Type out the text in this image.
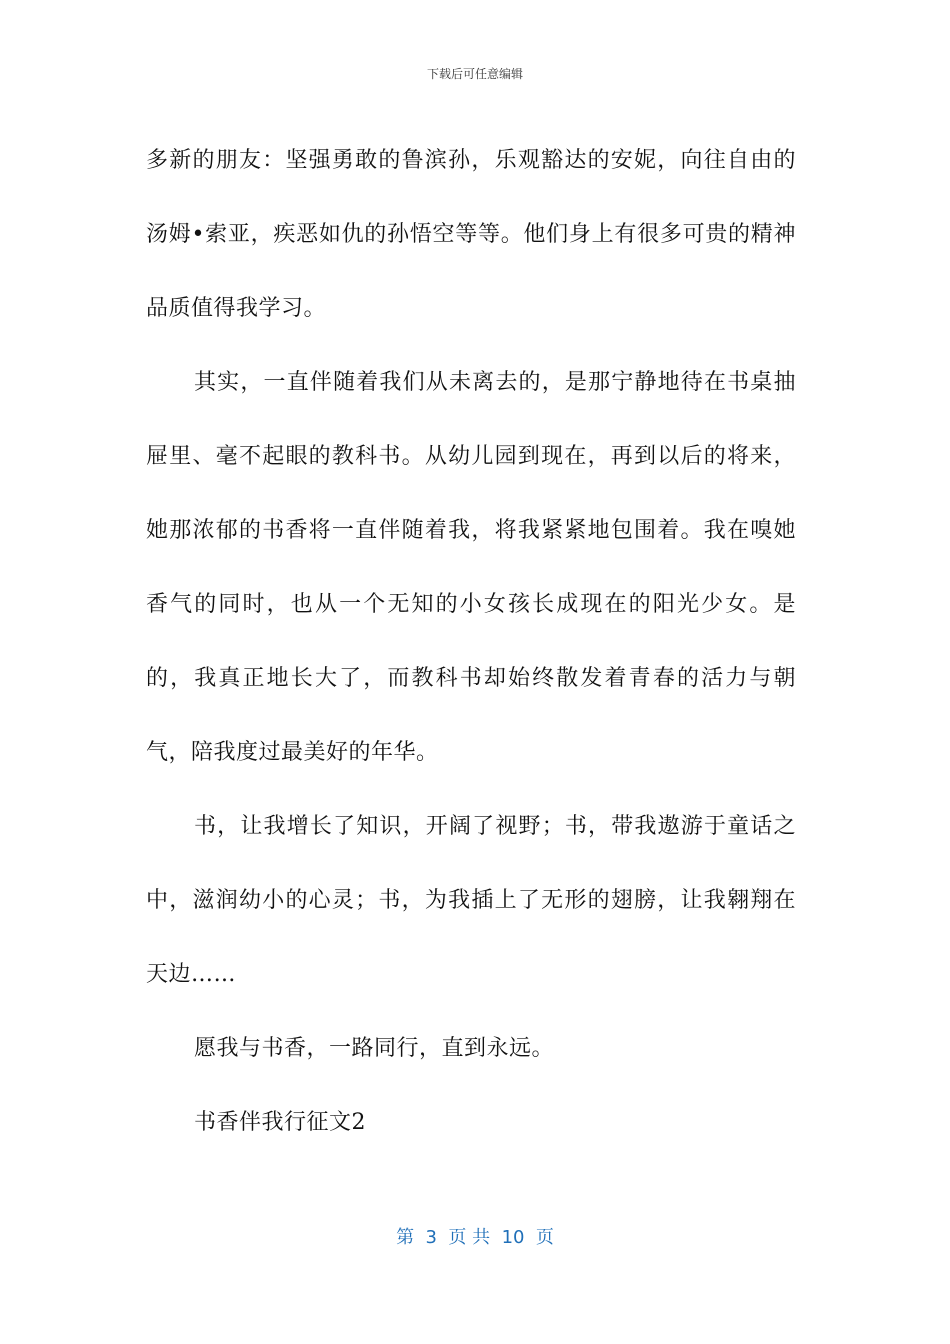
下载后可任意编辑

多新的朋友：坚强勇敢的鲁滨孙，乐观豁达的安妮，向往自由的汤姆•索亚，疾恶如仇的孙悟空等等。他们身上有很多可贵的精神品质值得我学习。

其实，一直伴随着我们从未离去的，是那宁静地待在书桌抽屉里、毫不起眼的教科书。从幼儿园到现在，再到以后的将来，她那浓郁的书香将一直伴随着我，将我紧紧地包围着。我在嗅她香气的同时，也从一个无知的小女孩长成现在的阳光少女。是的，我真正地长大了，而教科书却始终散发着青春的活力与朝气，陪我度过最美好的年华。

书，让我增长了知识，开阔了视野；书，带我遨游于童话之中，滋润幼小的心灵；书，为我插上了无形的翅膀，让我翱翔在天边……

愿我与书香，一路同行，直到永远。

书香伴我行征文2

第  3  页 共  10  页
